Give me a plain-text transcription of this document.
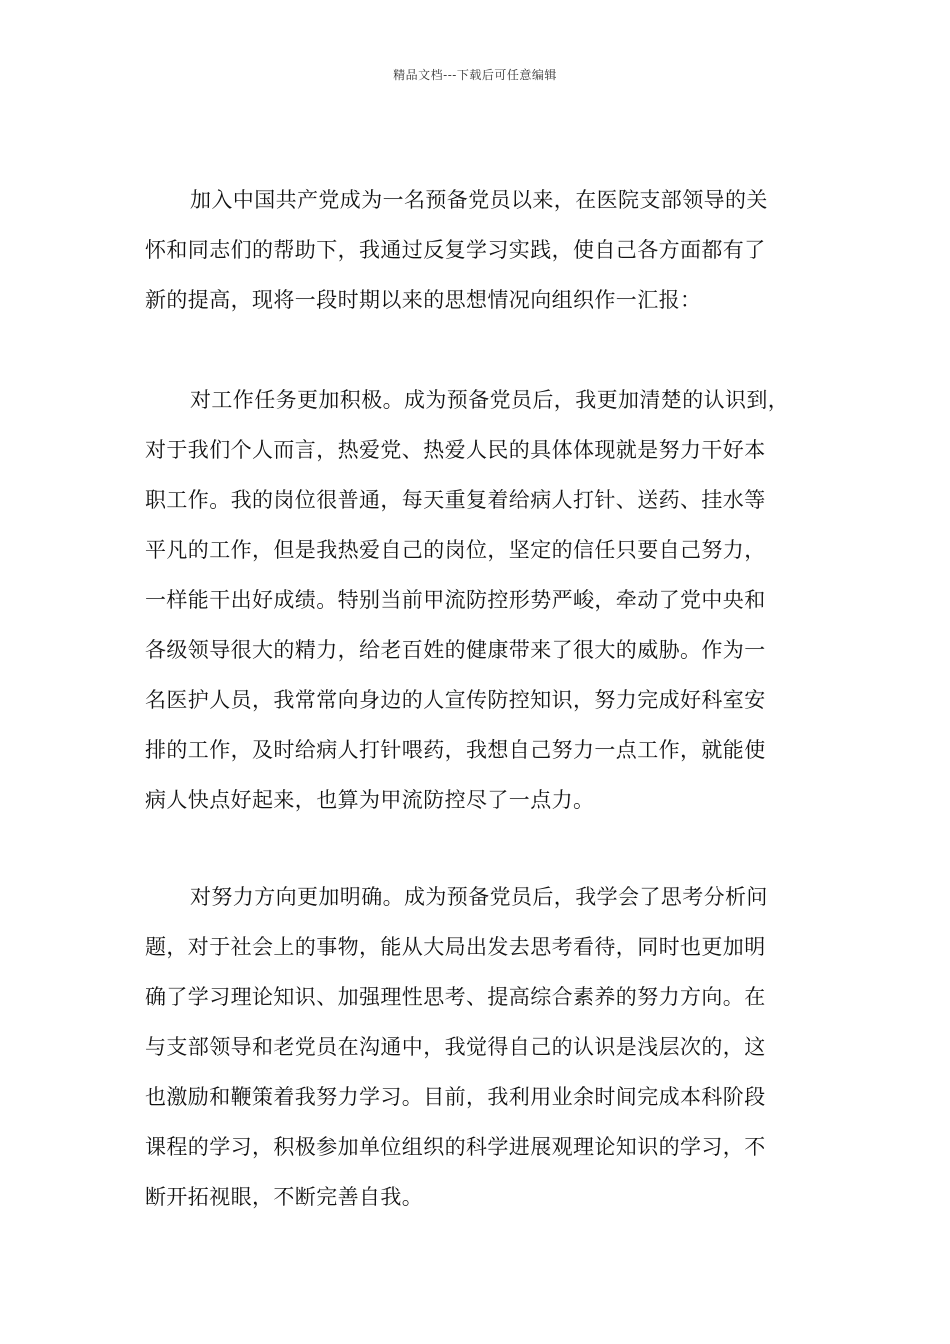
精品文档---下载后可任意编辑
加入中国共产党成为一名预备党员以来，在医院支部领导的关
怀和同志们的帮助下，我通过反复学习实践，使自己各方面都有了
新的提高，现将一段时期以来的思想情况向组织作一汇报：
对工作任务更加积极。成为预备党员后，我更加清楚的认识到，
对于我们个人而言，热爱党、热爱人民的具体体现就是努力干好本
职工作。我的岗位很普通，每天重复着给病人打针、送药、挂水等
平凡的工作，但是我热爱自己的岗位，坚定的信任只要自己努力，
一样能干出好成绩。特别当前甲流防控形势严峻，牵动了党中央和
各级领导很大的精力，给老百姓的健康带来了很大的威胁。作为一
名医护人员，我常常向身边的人宣传防控知识，努力完成好科室安
排的工作，及时给病人打针喂药，我想自己努力一点工作，就能使
病人快点好起来，也算为甲流防控尽了一点力。
对努力方向更加明确。成为预备党员后，我学会了思考分析问
题，对于社会上的事物，能从大局出发去思考看待，同时也更加明
确了学习理论知识、加强理性思考、提高综合素养的努力方向。在
与支部领导和老党员在沟通中，我觉得自己的认识是浅层次的，这
也激励和鞭策着我努力学习。目前，我利用业余时间完成本科阶段
课程的学习，积极参加单位组织的科学进展观理论知识的学习，不
断开拓视眼，不断完善自我。
